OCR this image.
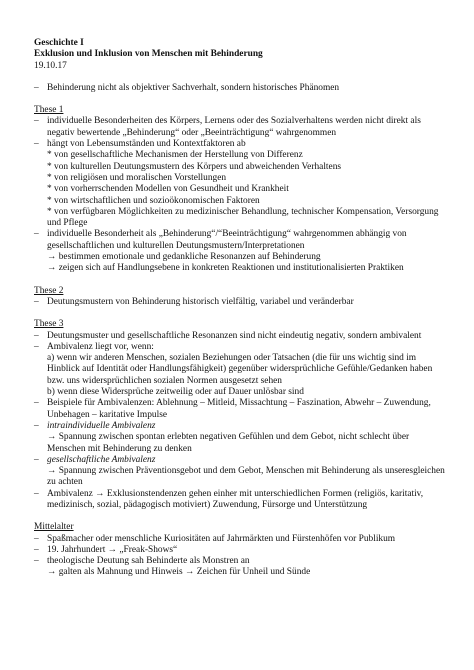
Geschichte I
Exklusion und Inklusion von Menschen mit Behinderung
19.10.17
– Behinderung nicht als objektiver Sachverhalt, sondern historisches Phänomen
These 1
– individuelle Besonderheiten des Körpers, Lernens oder des Sozialverhaltens werden nicht direkt als negativ bewertende „Behinderung“ oder „Beeinträchtigung“ wahrgenommen
– hängt von Lebensumständen und Kontextfaktoren ab
* von gesellschaftliche Mechanismen der Herstellung von Differenz
* von kulturellen Deutungsmustern des Körpers und abweichenden Verhaltens
* von religiösen und moralischen Vorstellungen
* von vorherrschenden Modellen von Gesundheit und Krankheit
* von wirtschaftlichen und sozioökonomischen Faktoren
* von verfügbaren Möglichkeiten zu medizinischer Behandlung, technischer Kompensation, Versorgung und Pflege
– individuelle Besonderheit als „Behinderung“/“Beeinträchtigung“ wahrgenommen abhängig von gesellschaftlichen und kulturellen Deutungsmustern/Interpretationen
→ bestimmen emotionale und gedankliche Resonanzen auf Behinderung
→ zeigen sich auf Handlungsebene in konkreten Reaktionen und institutionalisierten Praktiken
These 2
– Deutungsmustern von Behinderung historisch vielfältig, variabel und veränderbar
These 3
– Deutungsmuster und gesellschaftliche Resonanzen sind nicht eindeutig negativ, sondern ambivalent
– Ambivalenz liegt vor, wenn:
a) wenn wir anderen Menschen, sozialen Beziehungen oder Tatsachen (die für uns wichtig sind im Hinblick auf Identität oder Handlungsfähigkeit) gegenüber widersprüchliche Gefühle/Gedanken haben bzw. uns widersprüchlichen sozialen Normen ausgesetzt sehen
b) wenn diese Widersprüche zeitweilig oder auf Dauer unlösbar sind
– Beispiele für Ambivalenzen: Ablehnung – Mitleid, Missachtung – Faszination, Abwehr – Zuwendung, Unbehagen – karitative Impulse
– intraindividuelle Ambivalenz
→ Spannung zwischen spontan erlebten negativen Gefühlen und dem Gebot, nicht schlecht über Menschen mit Behinderung zu denken
– gesellschaftliche Ambivalenz
→ Spannung zwischen Präventionsgebot und dem Gebot, Menschen mit Behinderung als unseresgleichen zu achten
– Ambivalenz → Exklusionstendenzen gehen einher mit unterschiedlichen Formen (religiös, karitativ, medizinisch, sozial, pädagogisch motiviert) Zuwendung, Fürsorge und Unterstützung
Mittelalter
– Spaßmacher oder menschliche Kuriositäten auf Jahrmärkten und Fürstenhöfen vor Publikum
– 19. Jahrhundert → „Freak-Shows“
– theologische Deutung sah Behinderte als Monstren an
→ galten als Mahnung und Hinweis → Zeichen für Unheil und Sünde
